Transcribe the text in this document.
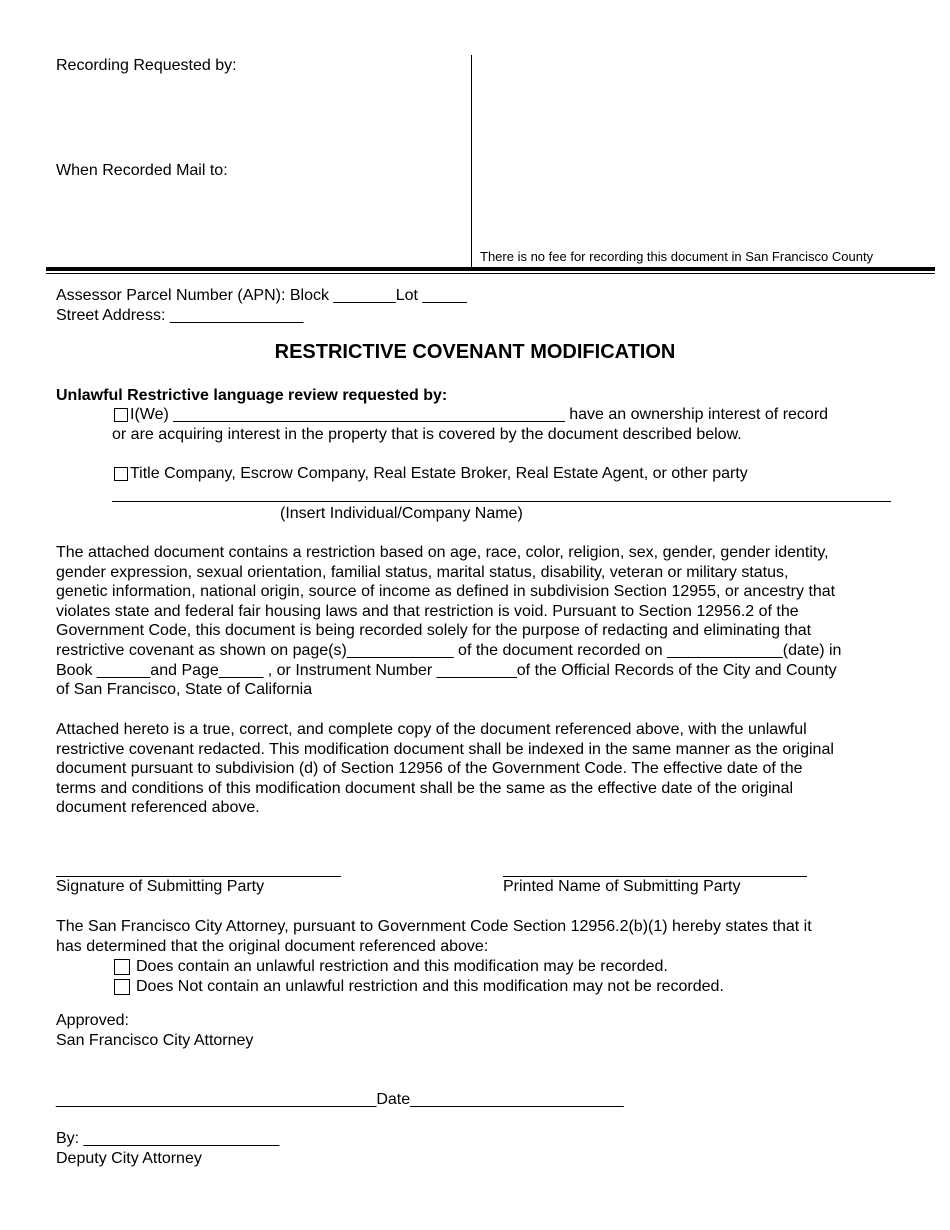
Recording Requested by:
When Recorded Mail to:
There is no fee for recording this document in San Francisco County
Assessor Parcel Number (APN): Block _______Lot _____
Street Address: _______________
RESTRICTIVE COVENANT MODIFICATION
Unlawful Restrictive language review requested by:
I(We) ____________________________________________ have an ownership interest of record
or are acquiring interest in the property that is covered by the document described below.
Title Company, Escrow Company, Real Estate Broker, Real Estate Agent, or other party
(Insert Individual/Company Name)

The attached document contains a restriction based on age, race, color, religion, sex, gender, gender identity,

gender expression, sexual orientation, familial status, marital status, disability, veteran or military status,

genetic information, national origin, source of income as defined in subdivision Section 12955, or ancestry that

violates state and federal fair housing laws and that restriction is void. Pursuant to Section 12956.2 of the

Government Code, this document is being recorded solely for the purpose of redacting and eliminating that

restrictive covenant as shown on page(s)____________ of the document recorded on _____________(date) in

Book ______and Page_____ , or Instrument Number _________of the Official Records of the City and County

of San Francisco, State of California

Attached hereto is a true, correct, and complete copy of the document referenced above, with the unlawful

restrictive covenant redacted. This modification document shall be indexed in the same manner as the original

document pursuant to subdivision (d) of Section 12956 of the Government Code. The effective date of the

terms and conditions of this modification document shall be the same as the effective date of the original

document referenced above.

Signature of Submitting Party	Printed Name of Submitting Party
The San Francisco City Attorney, pursuant to Government Code Section 12956.2(b)(1) hereby states that it
has determined that the original document referenced above:
Does contain an unlawful restriction and this modification may be recorded.
Does Not contain an unlawful restriction and this modification may not be recorded.
Approved:
San Francisco City Attorney
____________________________________Date________________________
By: ______________________
Deputy City Attorney
